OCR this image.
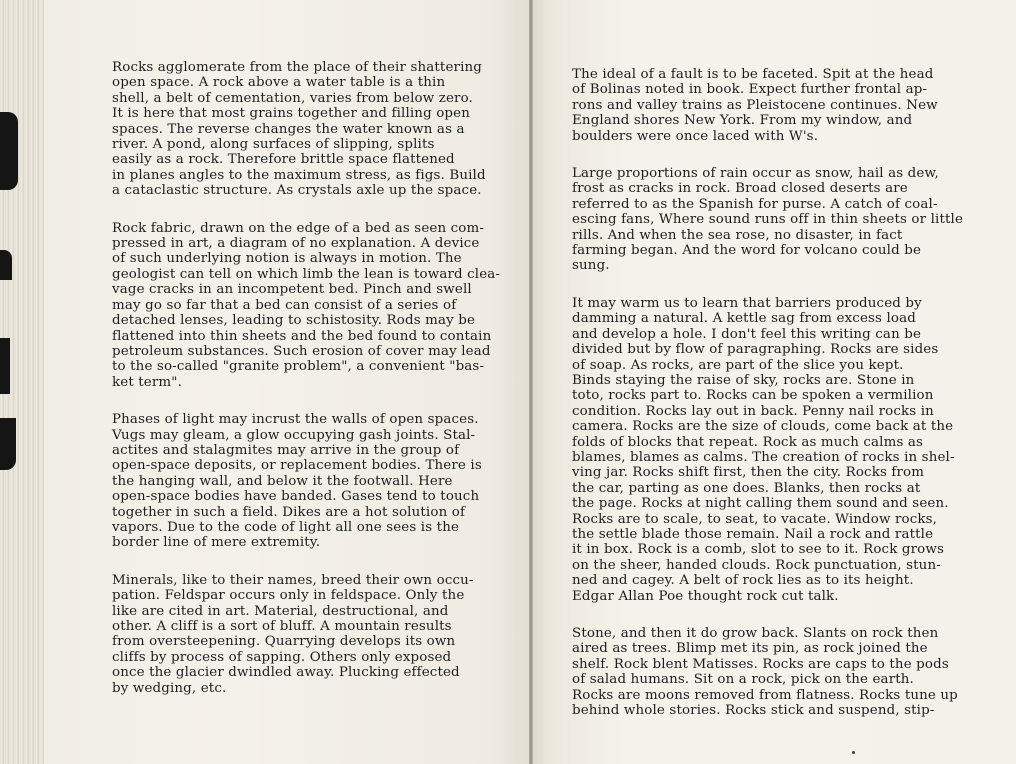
Rocks agglomerate from the place of their shattering
open space. A rock above a water table is a thin
shell, a belt of cementation, varies from below zero.
It is here that most grains together and filling open
spaces. The reverse changes the water known as a
river. A pond, along surfaces of slipping, splits
easily as a rock. Therefore brittle space flattened
in planes angles to the maximum stress, as figs. Build
a cataclastic structure. As crystals axle up the space.
Rock fabric, drawn on the edge of a bed as seen com-
pressed in art, a diagram of no explanation. A device
of such underlying notion is always in motion. The
geologist can tell on which limb the lean is toward clea-
vage cracks in an incompetent bed. Pinch and swell
may go so far that a bed can consist of a series of
detached lenses, leading to schistosity. Rods may be
flattened into thin sheets and the bed found to contain
petroleum substances. Such erosion of cover may lead
to the so-called "granite problem", a convenient "bas-
ket term".
Phases of light may incrust the walls of open spaces.
Vugs may gleam, a glow occupying gash joints. Stal-
actites and stalagmites may arrive in the group of
open-space deposits, or replacement bodies. There is
the hanging wall, and below it the footwall. Here
open-space bodies have banded. Gases tend to touch
together in such a field. Dikes are a hot solution of
vapors. Due to the code of light all one sees is the
border line of mere extremity.
Minerals, like to their names, breed their own occu-
pation. Feldspar occurs only in feldspace. Only the
like are cited in art. Material, destructional, and
other. A cliff is a sort of bluff. A mountain results
from oversteepening. Quarrying develops its own
cliffs by process of sapping. Others only exposed
once the glacier dwindled away. Plucking effected
by wedging, etc.
The ideal of a fault is to be faceted. Spit at the head
of Bolinas noted in book. Expect further frontal ap-
rons and valley trains as Pleistocene continues. New
England shores New York. From my window, and
boulders were once laced with W's.
Large proportions of rain occur as snow, hail as dew,
frost as cracks in rock. Broad closed deserts are
referred to as the Spanish for purse. A catch of coal-
escing fans, Where sound runs off in thin sheets or little
rills. And when the sea rose, no disaster, in fact
farming began. And the word for volcano could be
sung.
It may warm us to learn that barriers produced by
damming a natural. A kettle sag from excess load
and develop a hole. I don't feel this writing can be
divided but by flow of paragraphing. Rocks are sides
of soap. As rocks, are part of the slice you kept.
Binds staying the raise of sky, rocks are. Stone in
toto, rocks part to. Rocks can be spoken a vermilion
condition. Rocks lay out in back. Penny nail rocks in
camera. Rocks are the size of clouds, come back at the
folds of blocks that repeat. Rock as much calms as
blames, blames as calms. The creation of rocks in shel-
ving jar. Rocks shift first, then the city. Rocks from
the car, parting as one does. Blanks, then rocks at
the page. Rocks at night calling them sound and seen.
Rocks are to scale, to seat, to vacate. Window rocks,
the settle blade those remain. Nail a rock and rattle
it in box. Rock is a comb, slot to see to it. Rock grows
on the sheer, handed clouds. Rock punctuation, stun-
ned and cagey. A belt of rock lies as to its height.
Edgar Allan Poe thought rock cut talk.
Stone, and then it do grow back. Slants on rock then
aired as trees. Blimp met its pin, as rock joined the
shelf. Rock blent Matisses. Rocks are caps to the pods
of salad humans. Sit on a rock, pick on the earth.
Rocks are moons removed from flatness. Rocks tune up
behind whole stories. Rocks stick and suspend, stip-
